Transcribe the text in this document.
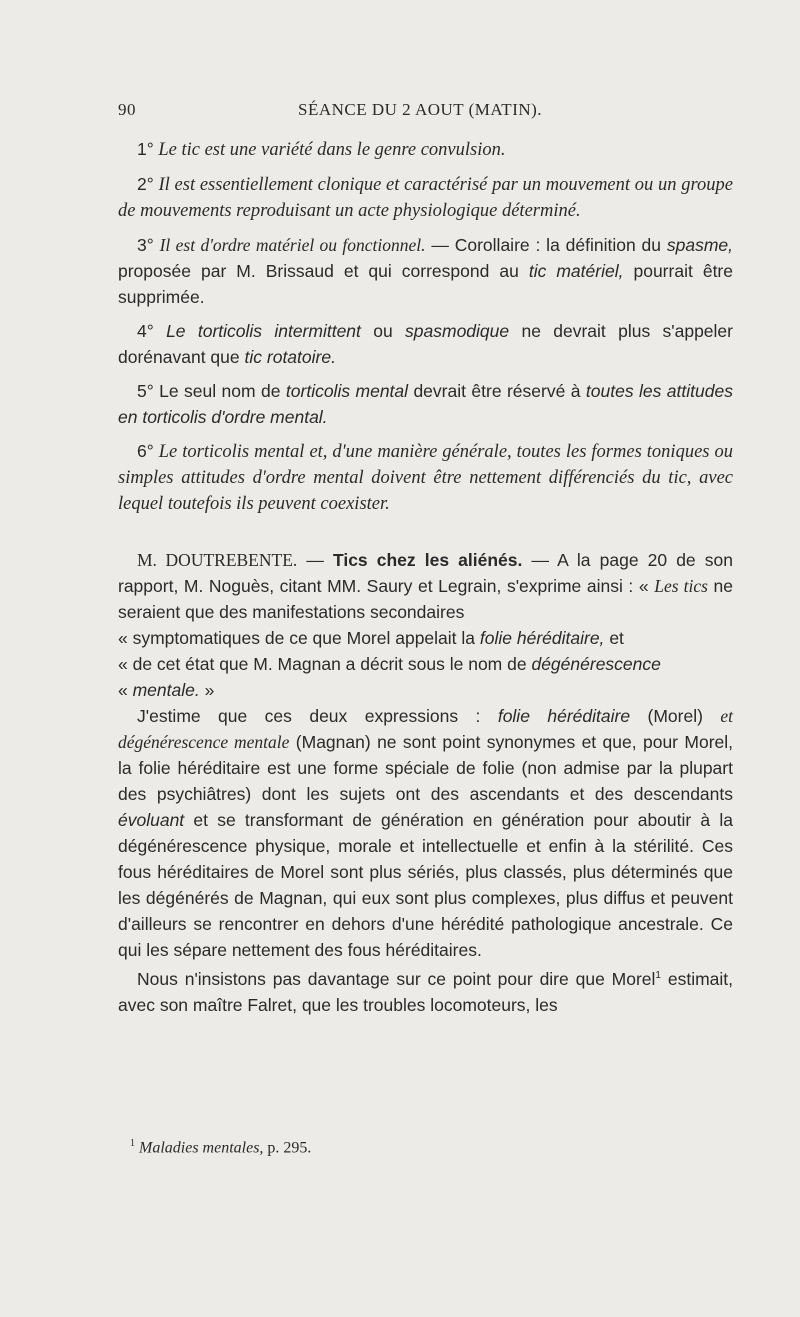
90	SÉANCE DU 2 AOUT (MATIN).

1° Le tic est une variété dans le genre convulsion.

2° Il est essentiellement clonique et caractérisé par un mouvement ou un groupe de mouvements reproduisant un acte physiologique déterminé.

3° Il est d'ordre matériel ou fonctionnel. — Corollaire : la définition du spasme, proposée par M. Brissaud et qui correspond au tic matériel, pourrait être supprimée.

4° Le torticolis intermittent ou spasmodique ne devrait plus s'appeler dorénavant que tic rotatoire.

5° Le seul nom de torticolis mental devrait être réservé à toutes les attitudes en torticolis d'ordre mental.

6° Le torticolis mental et, d'une manière générale, toutes les formes toniques ou simples attitudes d'ordre mental doivent être nettement différenciés du tic, avec lequel toutefois ils peuvent coexister.

M. DOUTREBENTE. — Tics chez les aliénés. — A la page 20 de son rapport, M. Noguès, citant MM. Saury et Legrain, s'exprime ainsi : « Les tics ne seraient que des manifestations secondaires
« symptomatiques de ce que Morel appelait la folie héréditaire, et
« de cet état que M. Magnan a décrit sous le nom de dégénérescence
« mentale. »

J'estime que ces deux expressions : folie héréditaire (Morel) et dégénérescence mentale (Magnan) ne sont point synonymes et que, pour Morel, la folie héréditaire est une forme spéciale de folie (non admise par la plupart des psychiâtres) dont les sujets ont des ascendants et des descendants évoluant et se transformant de génération en génération pour aboutir à la dégénérescence physique, morale et intellectuelle et enfin à la stérilité. Ces fous héréditaires de Morel sont plus sériés, plus classés, plus déterminés que les dégénérés de Magnan, qui eux sont plus complexes, plus diffus et peuvent d'ailleurs se rencontrer en dehors d'une hérédité pathologique ancestrale. Ce qui les sépare nettement des fous héréditaires.

Nous n'insistons pas davantage sur ce point pour dire que Morel$^1$ estimait, avec son maître Falret, que les troubles locomoteurs, les

$^1$ Maladies mentales, p. 295.
